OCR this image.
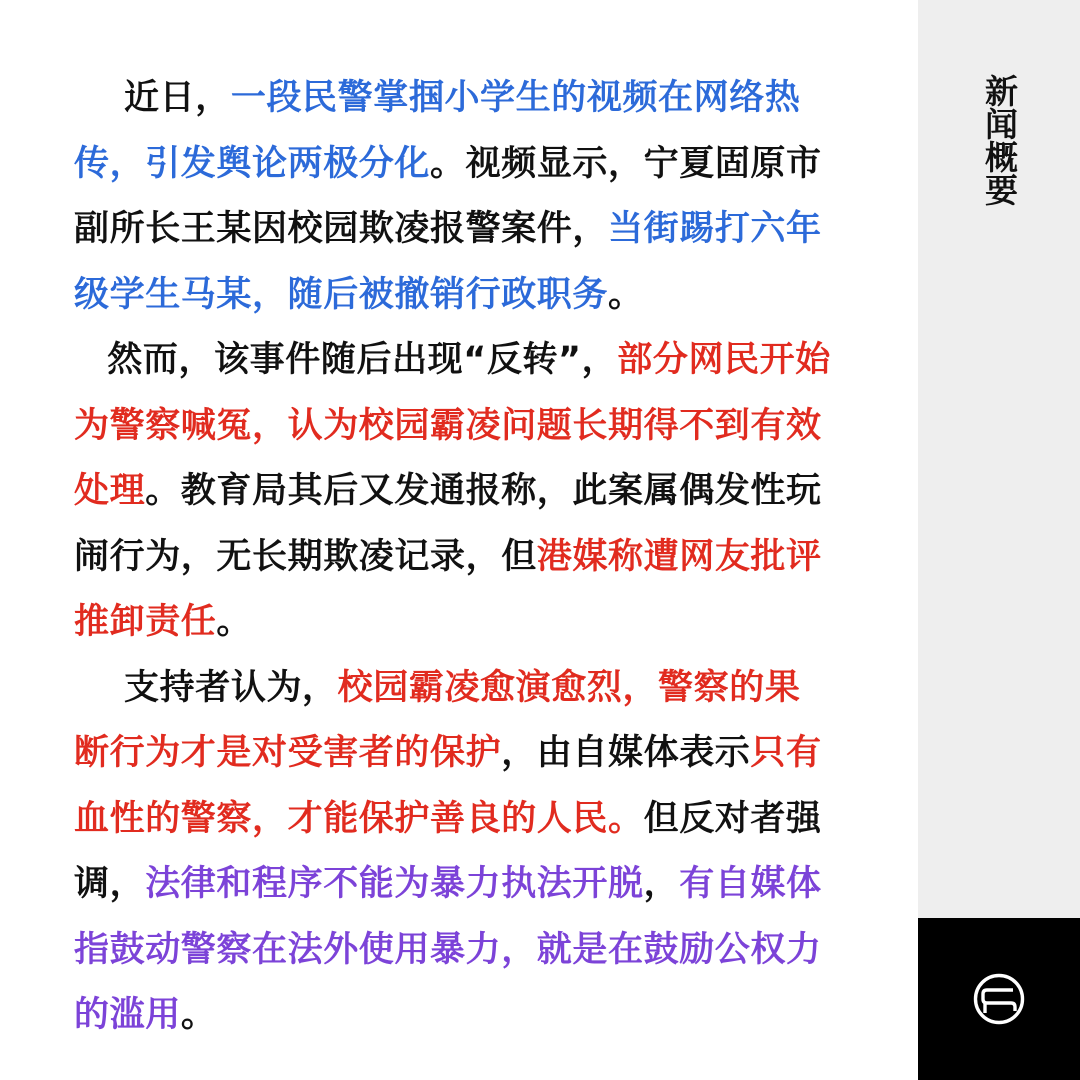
近日，一段民警掌掴小学生的视频在网络热传，引发舆论两极分化。视频显示，宁夏固原市副所长王某因校园欺凌报警案件，当街踢打六年级学生马某，随后被撤销行政职务。

然而，该事件随后出现“反转”，部分网民开始为警察喊冤，认为校园霸凌问题长期得不到有效处理。教育局其后又发通报称，此案属偶发性玩闹行为，无长期欺凌记录，但港媒称遭网友批评推卸责任。

支持者认为，校园霸凌愈演愈烈，警察的果断行为才是对受害者的保护，由自媒体表示只有血性的警察，才能保护善良的人民。但反对者强调，法律和程序不能为暴力执法开脱，有自媒体指鼓动警察在法外使用暴力，就是在鼓励公权力的滥用。

新闻概要
